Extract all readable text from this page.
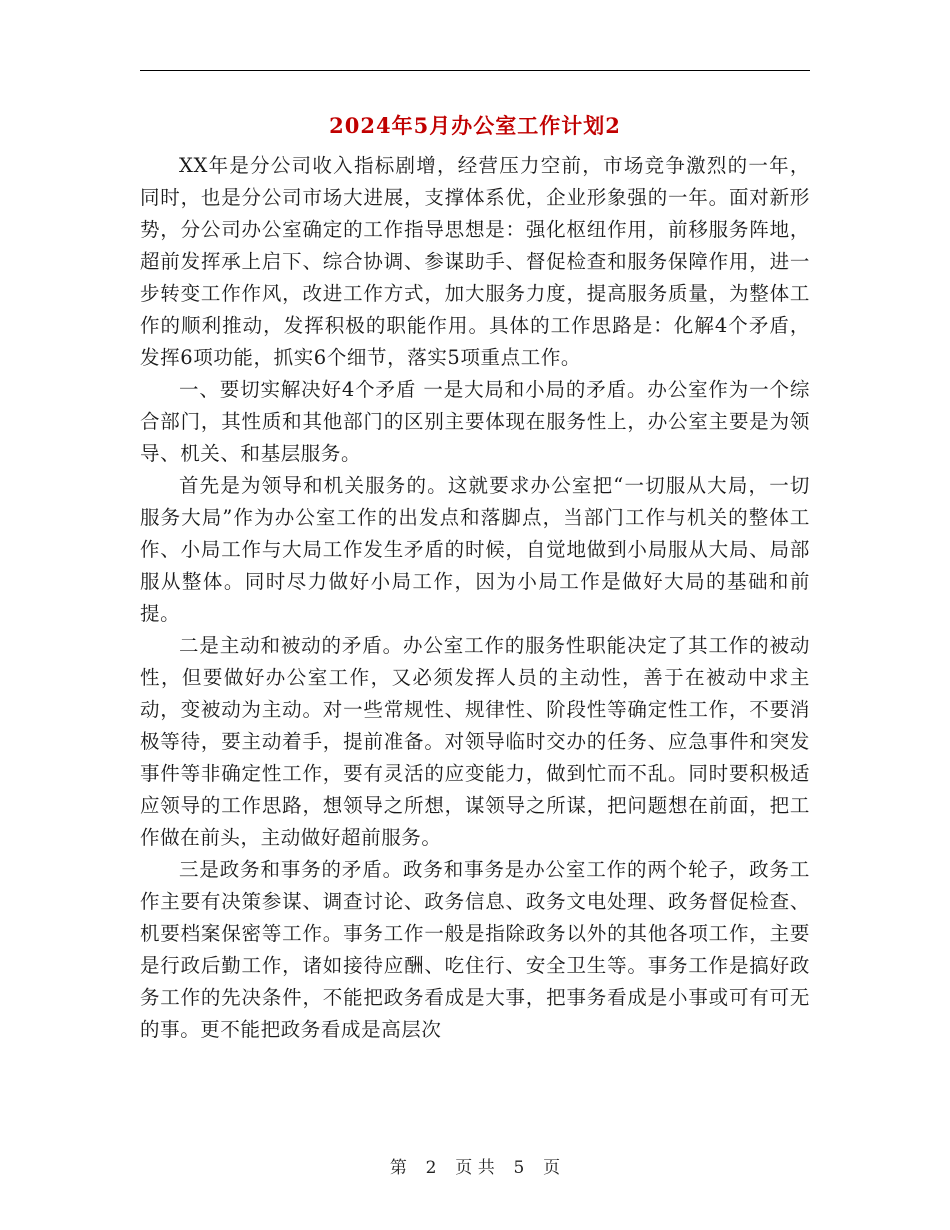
2024年5月办公室工作计划2

XX年是分公司收入指标剧增，经营压力空前，市场竞争激烈的一年，同时，也是分公司市场大进展，支撑体系优，企业形象强的一年。面对新形势，分公司办公室确定的工作指导思想是：强化枢纽作用，前移服务阵地，超前发挥承上启下、综合协调、参谋助手、督促检查和服务保障作用，进一步转变工作作风，改进工作方式，加大服务力度，提高服务质量，为整体工作的顺利推动，发挥积极的职能作用。具体的工作思路是：化解4个矛盾，发挥6项功能，抓实6个细节，落实5项重点工作。

一、要切实解决好4个矛盾 一是大局和小局的矛盾。办公室作为一个综合部门，其性质和其他部门的区别主要体现在服务性上，办公室主要是为领导、机关、和基层服务。

首先是为领导和机关服务的。这就要求办公室把“一切服从大局，一切服务大局”作为办公室工作的出发点和落脚点，当部门工作与机关的整体工作、小局工作与大局工作发生矛盾的时候，自觉地做到小局服从大局、局部服从整体。同时尽力做好小局工作，因为小局工作是做好大局的基础和前提。

二是主动和被动的矛盾。办公室工作的服务性职能决定了其工作的被动性，但要做好办公室工作，又必须发挥人员的主动性，善于在被动中求主动，变被动为主动。对一些常规性、规律性、阶段性等确定性工作，不要消极等待，要主动着手，提前准备。对领导临时交办的任务、应急事件和突发事件等非确定性工作，要有灵活的应变能力，做到忙而不乱。同时要积极适应领导的工作思路，想领导之所想，谋领导之所谋，把问题想在前面，把工作做在前头，主动做好超前服务。

三是政务和事务的矛盾。政务和事务是办公室工作的两个轮子，政务工作主要有决策参谋、调查讨论、政务信息、政务文电处理、政务督促检查、机要档案保密等工作。事务工作一般是指除政务以外的其他各项工作，主要是行政后勤工作，诸如接待应酬、吃住行、安全卫生等。事务工作是搞好政务工作的先决条件，不能把政务看成是大事，把事务看成是小事或可有可无的事。更不能把政务看成是高层次

第 2 页 共 5 页
